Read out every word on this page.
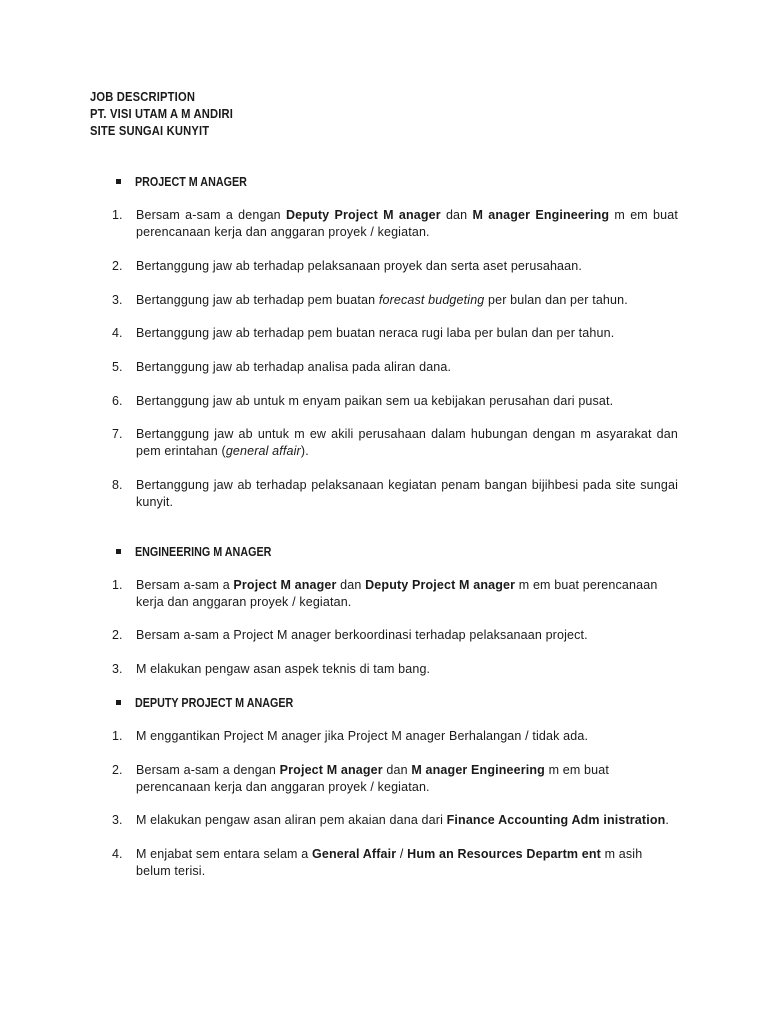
JOB DESCRIPTION
PT. VISI UTAM A M ANDIRI
SITE SUNGAI KUNYIT
PROJECT M ANAGER
1.	Bersam a-sam a dengan Deputy Project M anager dan M anager Engineering m em buat perencanaan kerja dan anggaran proyek / kegiatan.
2.	Bertanggung jaw ab terhadap pelaksanaan proyek dan serta aset perusahaan.
3.	Bertanggung jaw ab terhadap pem buatan forecast budgeting per bulan dan per tahun.
4.	Bertanggung jaw ab terhadap pem buatan neraca rugi laba per bulan dan per tahun.
5.	Bertanggung jaw ab terhadap analisa pada aliran dana.
6.	Bertanggung jaw ab untuk m enyam paikan sem ua kebijakan perusahan dari pusat.
7.	Bertanggung jaw ab untuk m ew akili perusahaan dalam hubungan dengan m asyarakat dan pem erintahan (general affair).
8.	Bertanggung jaw ab terhadap pelaksanaan kegiatan penam bangan bijihbesi pada site sungai kunyit.
ENGINEERING M ANAGER
1.	Bersam a-sam a Project M anager dan Deputy Project M anager m em buat perencanaan kerja dan anggaran proyek / kegiatan.
2.	Bersam a-sam a Project M anager berkoordinasi terhadap pelaksanaan project.
3.	M elakukan pengaw asan aspek teknis di tam bang.
DEPUTY PROJECT M ANAGER
1.	M enggantikan Project M anager jika Project M anager Berhalangan / tidak ada.
2.	Bersam a-sam a dengan Project M anager dan M anager Engineering m em buat perencanaan kerja dan anggaran proyek / kegiatan.
3.	M elakukan pengaw asan aliran pem akaian dana dari Finance Accounting Adm inistration.
4.	M enjabat sem entara selam a General Affair / Hum an Resources Departm ent m asih belum terisi.
